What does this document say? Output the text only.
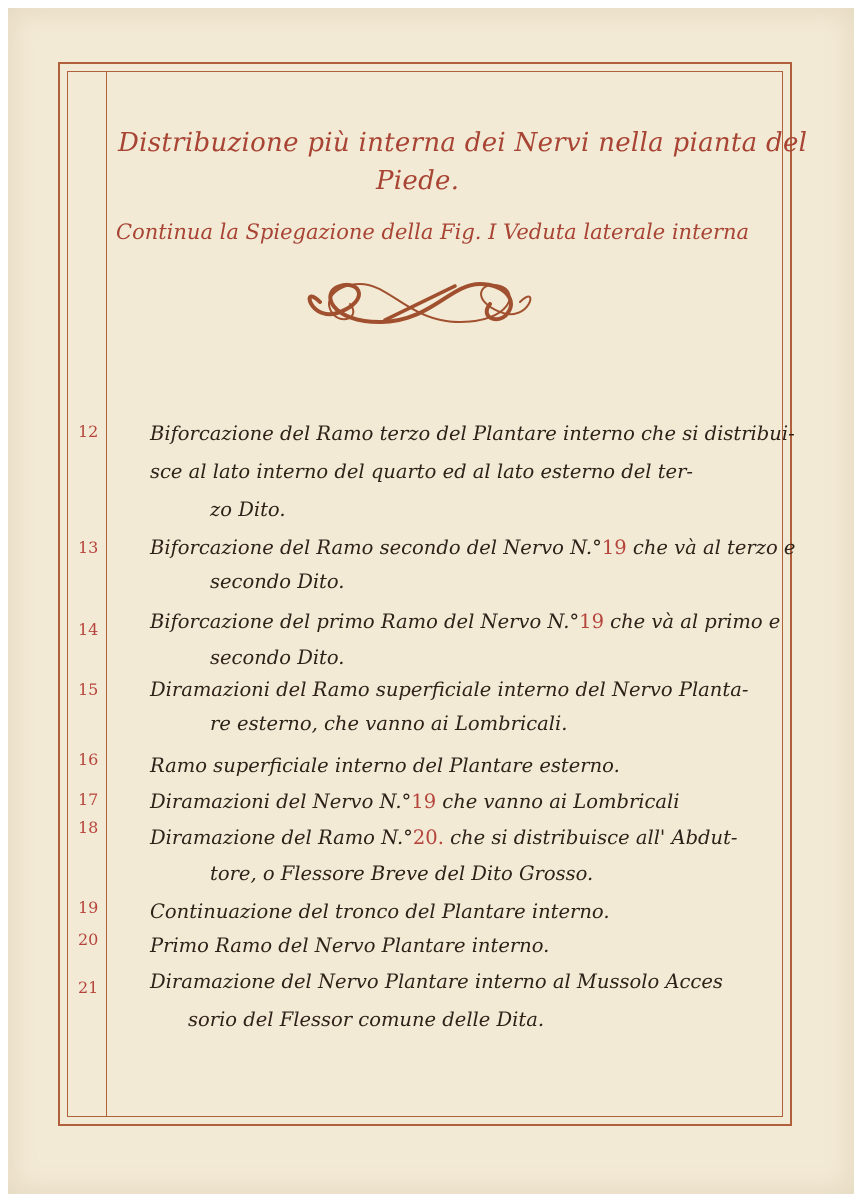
Distribuzione più interna dei Nervi nella pianta del
Piede.
Continua la Spiegazione della Fig. I Veduta laterale interna
12	Biforcazione del Ramo terzo del Plantare interno che si distribui-
sce al lato interno del quarto ed al lato esterno del ter-
zo Dito.
13	Biforcazione del Ramo secondo del Nervo N.°19 che và al terzo e
secondo Dito.
14	Biforcazione del primo Ramo del Nervo N.°19 che và al primo e
secondo Dito.
15	Diramazioni del Ramo superficiale interno del Nervo Planta-
re esterno, che vanno ai Lombricali.
16	Ramo superficiale interno del Plantare esterno.
17	Diramazioni del Nervo N.°19 che vanno ai Lombricali
18	Diramazione del Ramo N.°20. che si distribuisce all' Abdut-
tore, o Flessore Breve del Dito Grosso.
19	Continuazione del tronco del Plantare interno.
20	Primo Ramo del Nervo Plantare interno.
21	Diramazione del Nervo Plantare interno al Mussolo Acces
sorio del Flessor comune delle Dita.
